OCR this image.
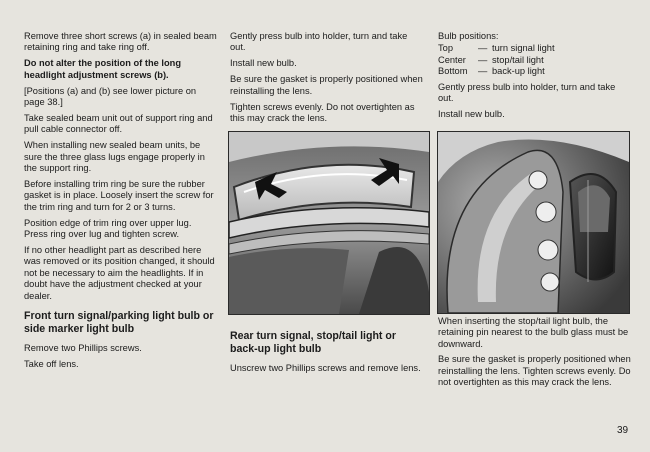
Remove three short screws (a) in sealed beam retaining ring and take ring off.

Do not alter the position of the long headlight adjustment screws (b).

[Positions (a) and (b) see lower picture on page 38.]

Take sealed beam unit out of support ring and pull cable connector off.

When installing new sealed beam units, be sure the three glass lugs engage properly in the support ring.

Before installing trim ring be sure the rubber gasket is in place. Loosely insert the screw for the trim ring and turn for 2 or 3 turns.

Position edge of trim ring over upper lug. Press ring over lug and tighten screw.

If no other headlight part as described here was removed or its position changed, it should not be necessary to aim the headlights. If in doubt have the adjustment checked at your dealer.

Front turn signal/parking light bulb or side marker light bulb

Remove two Phillips screws.

Take off lens.

Gently press bulb into holder, turn and take out.

Install new bulb.

Be sure the gasket is properly positioned when reinstalling the lens.

Tighten screws evenly. Do not overtighten as this may crack the lens.

Rear turn signal, stop/tail light or back-up light bulb

Unscrew two Phillips screws and remove lens.

Bulb positions:

Top	— turn signal light
Center	— stop/tail light
Bottom	— back-up light

Gently press bulb into holder, turn and take out.

Install new bulb.

When inserting the stop/tail light bulb, the retaining pin nearest to the bulb glass must be downward.

Be sure the gasket is properly positioned when reinstalling the lens. Tighten screws evenly. Do not overtighten as this may crack the lens.

39
